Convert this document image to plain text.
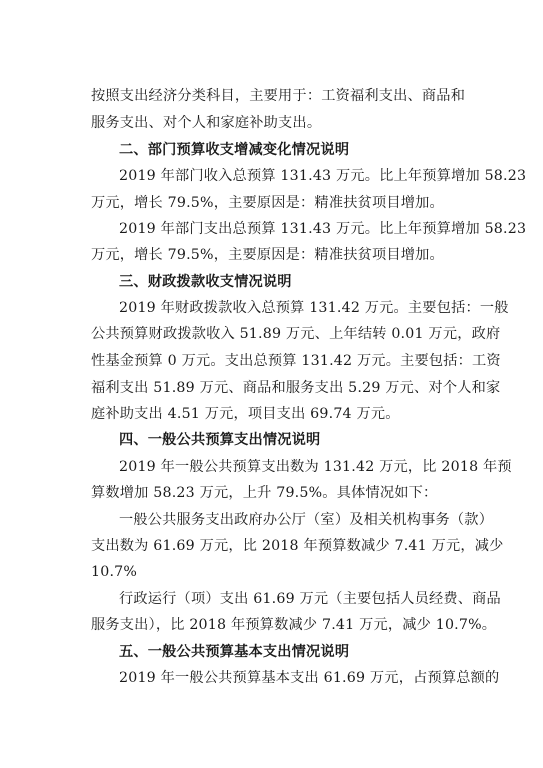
按照支出经济分类科目，主要用于：工资福利支出、商品和
服务支出、对个人和家庭补助支出。
二、部门预算收支增减变化情况说明
2019 年部门收入总预算 131.43 万元。比上年预算增加 58.23
万元，增长 79.5%，主要原因是：精准扶贫项目增加。
2019 年部门支出总预算 131.43 万元。比上年预算增加 58.23
万元，增长 79.5%，主要原因是：精准扶贫项目增加。
三、财政拨款收支情况说明
2019 年财政拨款收入总预算 131.42 万元。主要包括：一般
公共预算财政拨款收入 51.89 万元、上年结转 0.01 万元，政府
性基金预算 0 万元。支出总预算 131.42 万元。主要包括：工资
福利支出 51.89 万元、商品和服务支出 5.29 万元、对个人和家
庭补助支出 4.51 万元，项目支出 69.74 万元。
四、一般公共预算支出情况说明
2019 年一般公共预算支出数为 131.42 万元，比 2018 年预
算数增加 58.23 万元，上升 79.5%。具体情况如下：
一般公共服务支出政府办公厅（室）及相关机构事务（款）
支出数为 61.69 万元，比 2018 年预算数减少 7.41 万元，减少
10.7%
行政运行（项）支出 61.69 万元（主要包括人员经费、商品
服务支出），比 2018 年预算数减少 7.41 万元，减少 10.7%。
五、一般公共预算基本支出情况说明
2019 年一般公共预算基本支出 61.69 万元，占预算总额的
